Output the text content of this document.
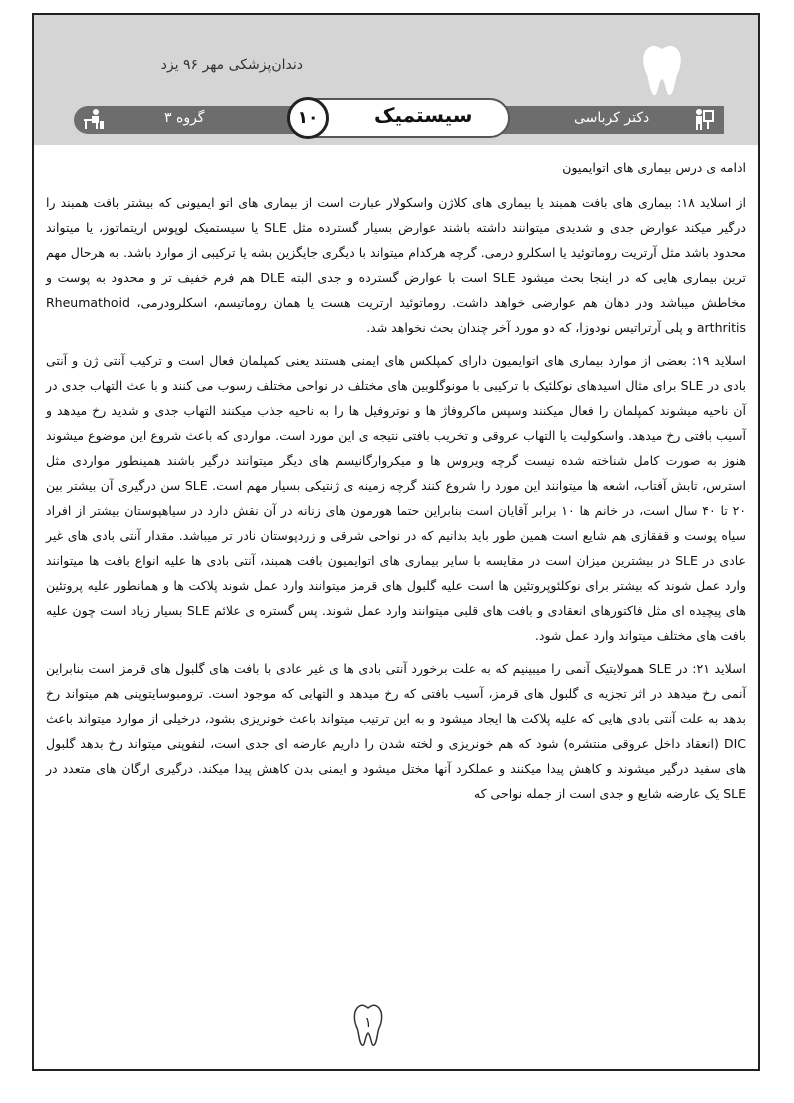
دندان‌پزشکی مهر ۹۶ یزد
گروه ۳	سیستمیک
۱۰	دکتر کرباسی

ادامه ی درس بیماری های اتوایمیون

از اسلاید ۱۸: بیماری های بافت همبند یا بیماری های کلاژن واسکولار عبارت است از بیماری های اتو ایمیونی که بیشتر بافت همبند را درگیر میکند عوارض جدی و شدیدی میتوانند داشته باشند عوارض بسیار گسترده مثل SLE یا سیستمیک لوپوس اریتماتوز، یا میتواند محدود باشد مثل آرتریت روماتوئید یا اسکلرو درمی. گرچه هرکدام میتواند با دیگری جایگزین بشه یا ترکیبی از موارد باشد. به هرحال مهم ترین بیماری هایی که در اینجا بحث میشود SLE است با عوارض گسترده و جدی البته DLE هم فرم خفیف تر و محدود به پوست و مخاطش میباشد ودر دهان هم عوارضی خواهد داشت. روماتوئید ارتریت هست یا همان روماتیسم، اسکلرودرمی، Rheumathoid arthritis و پلی آرتراتیس نودوزا، که دو مورد آخر چندان بحث نخواهد شد.

اسلاید ۱۹: بعضی از موارد بیماری های اتوایمیون دارای کمپلکس های ایمنی هستند یعنی کمپلمان فعال است و ترکیب آنتی ژن و آنتی بادی در SLE برای مثال اسیدهای نوکلئیک با ترکیبی با مونوگلوبین های مختلف در نواحی مختلف رسوب می کنند و با عث التهاب جدی در آن ناحیه میشوند کمپلمان را فعال میکنند وسپس ماکروفاژ ها و نوتروفیل ها را به ناحیه جذب میکنند التهاب جدی و شدید رخ میدهد و آسیب بافتی رخ میدهد. واسکولیت یا التهاب عروقی و تخریب بافتی نتیجه ی این مورد است. مواردی که باعث شروع این موضوع میشوند هنوز به صورت کامل شناخته شده نیست گرچه ویروس ها و میکروارگانیسم های دیگر میتوانند درگیر باشند همینطور مواردی مثل استرس، تابش آفتاب، اشعه ها میتوانند این مورد را شروع کنند گرچه زمینه ی ژنتیکی بسیار مهم است. SLE سن درگیری آن بیشتر بین ۲۰ تا ۴۰ سال است، در خانم ها ۱۰ برابر آقایان است بنابراین حتما هورمون های زنانه در آن نقش دارد در سیاهپوستان بیشتر از افراد سیاه پوست و قفقازی هم شایع است همین طور باید بدانیم که در نواحی شرقی و زردپوستان نادر تر میباشد. مقدار آنتی بادی های غیر عادی در SLE در بیشترین میزان است در مقایسه با سایر بیماری های اتوایمیون بافت همبند، آنتی بادی ها علیه انواع بافت ها میتوانند وارد عمل شوند که بیشتر برای نوکلئوپروتئین ها است علیه گلبول های قرمز میتوانند وارد عمل شوند پلاکت ها و همانطور علیه پروتئین های پیچیده ای مثل فاکتورهای انعقادی و بافت های قلبی میتوانند وارد عمل شوند. پس گستره ی علائم SLE بسیار زیاد است چون علیه بافت های مختلف میتواند وارد عمل شود.

اسلاید ۲۱: در SLE همولایتیک آنمی را میبینیم که به علت برخورد آنتی بادی ها ی غیر عادی با بافت های گلبول های قرمز است بنابراین آنمی رخ میدهد در اثر تجزیه ی گلبول های قرمز، آسیب بافتی که رخ میدهد و التهابی که موجود است. ترومبوسایتوپنی هم میتواند رخ بدهد به علت آنتی بادی هایی که علیه پلاکت ها ایجاد میشود و به این ترتیب میتواند باعث خونریزی بشود، درخیلی از موارد میتواند باعث DIC (انعقاد داخل عروقی منتشره) شود که هم خونریزی و لخته شدن را داریم عارضه ای جدی است، لنفوپنی میتواند رخ بدهد گلبول های سفید درگیر میشوند و کاهش پیدا میکنند و عملکرد آنها مختل میشود و ایمنی بدن کاهش پیدا میکند. درگیری ارگان های متعدد در SLE یک عارضه شایع و جدی است از جمله نواحی که

۱
